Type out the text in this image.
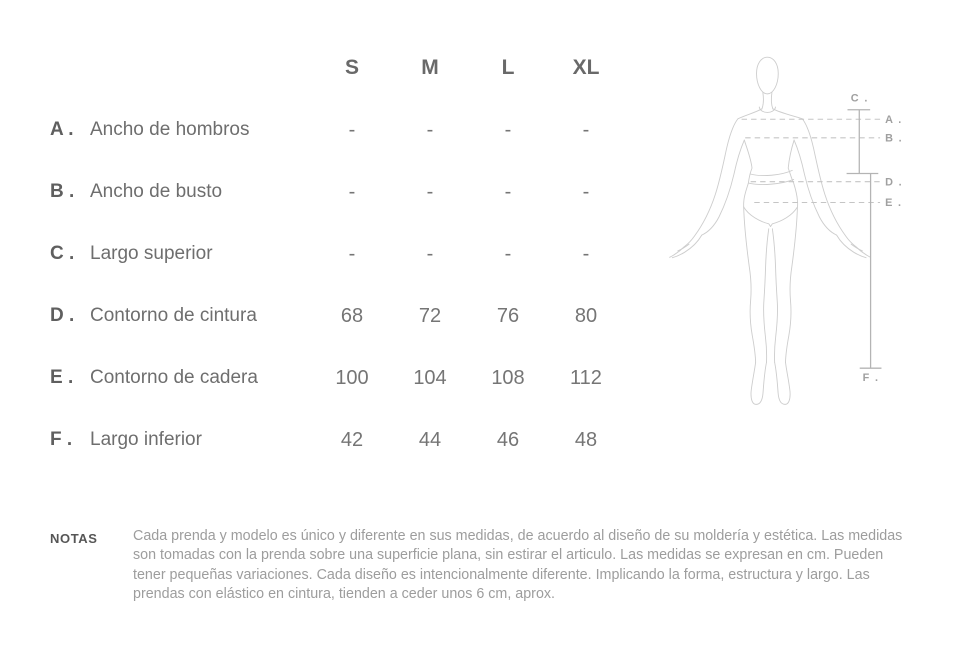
S	M	L	XL
A . Ancho de hombros	-	-	-	-
B . Ancho de busto	-	-	-	-
C . Largo superior	-	-	-	-
D . Contorno de cintura	68	72	76	80
E . Contorno de cadera	100	104	108	112
F . Largo inferior	42	44	46	48
C .
A .
B .
D .
E .
F .
NOTAS Cada prenda y modelo es único y diferente en sus medidas, de acuerdo al diseño de su moldería y estética. Las medidas son tomadas con la prenda sobre una superficie plana, sin estirar el articulo. Las medidas se expresan en cm. Pueden tener pequeñas variaciones. Cada diseño es intencionalmente diferente. Implicando la forma, estructura y largo. Las prendas con elástico en cintura, tienden a ceder unos 6 cm, aprox.
